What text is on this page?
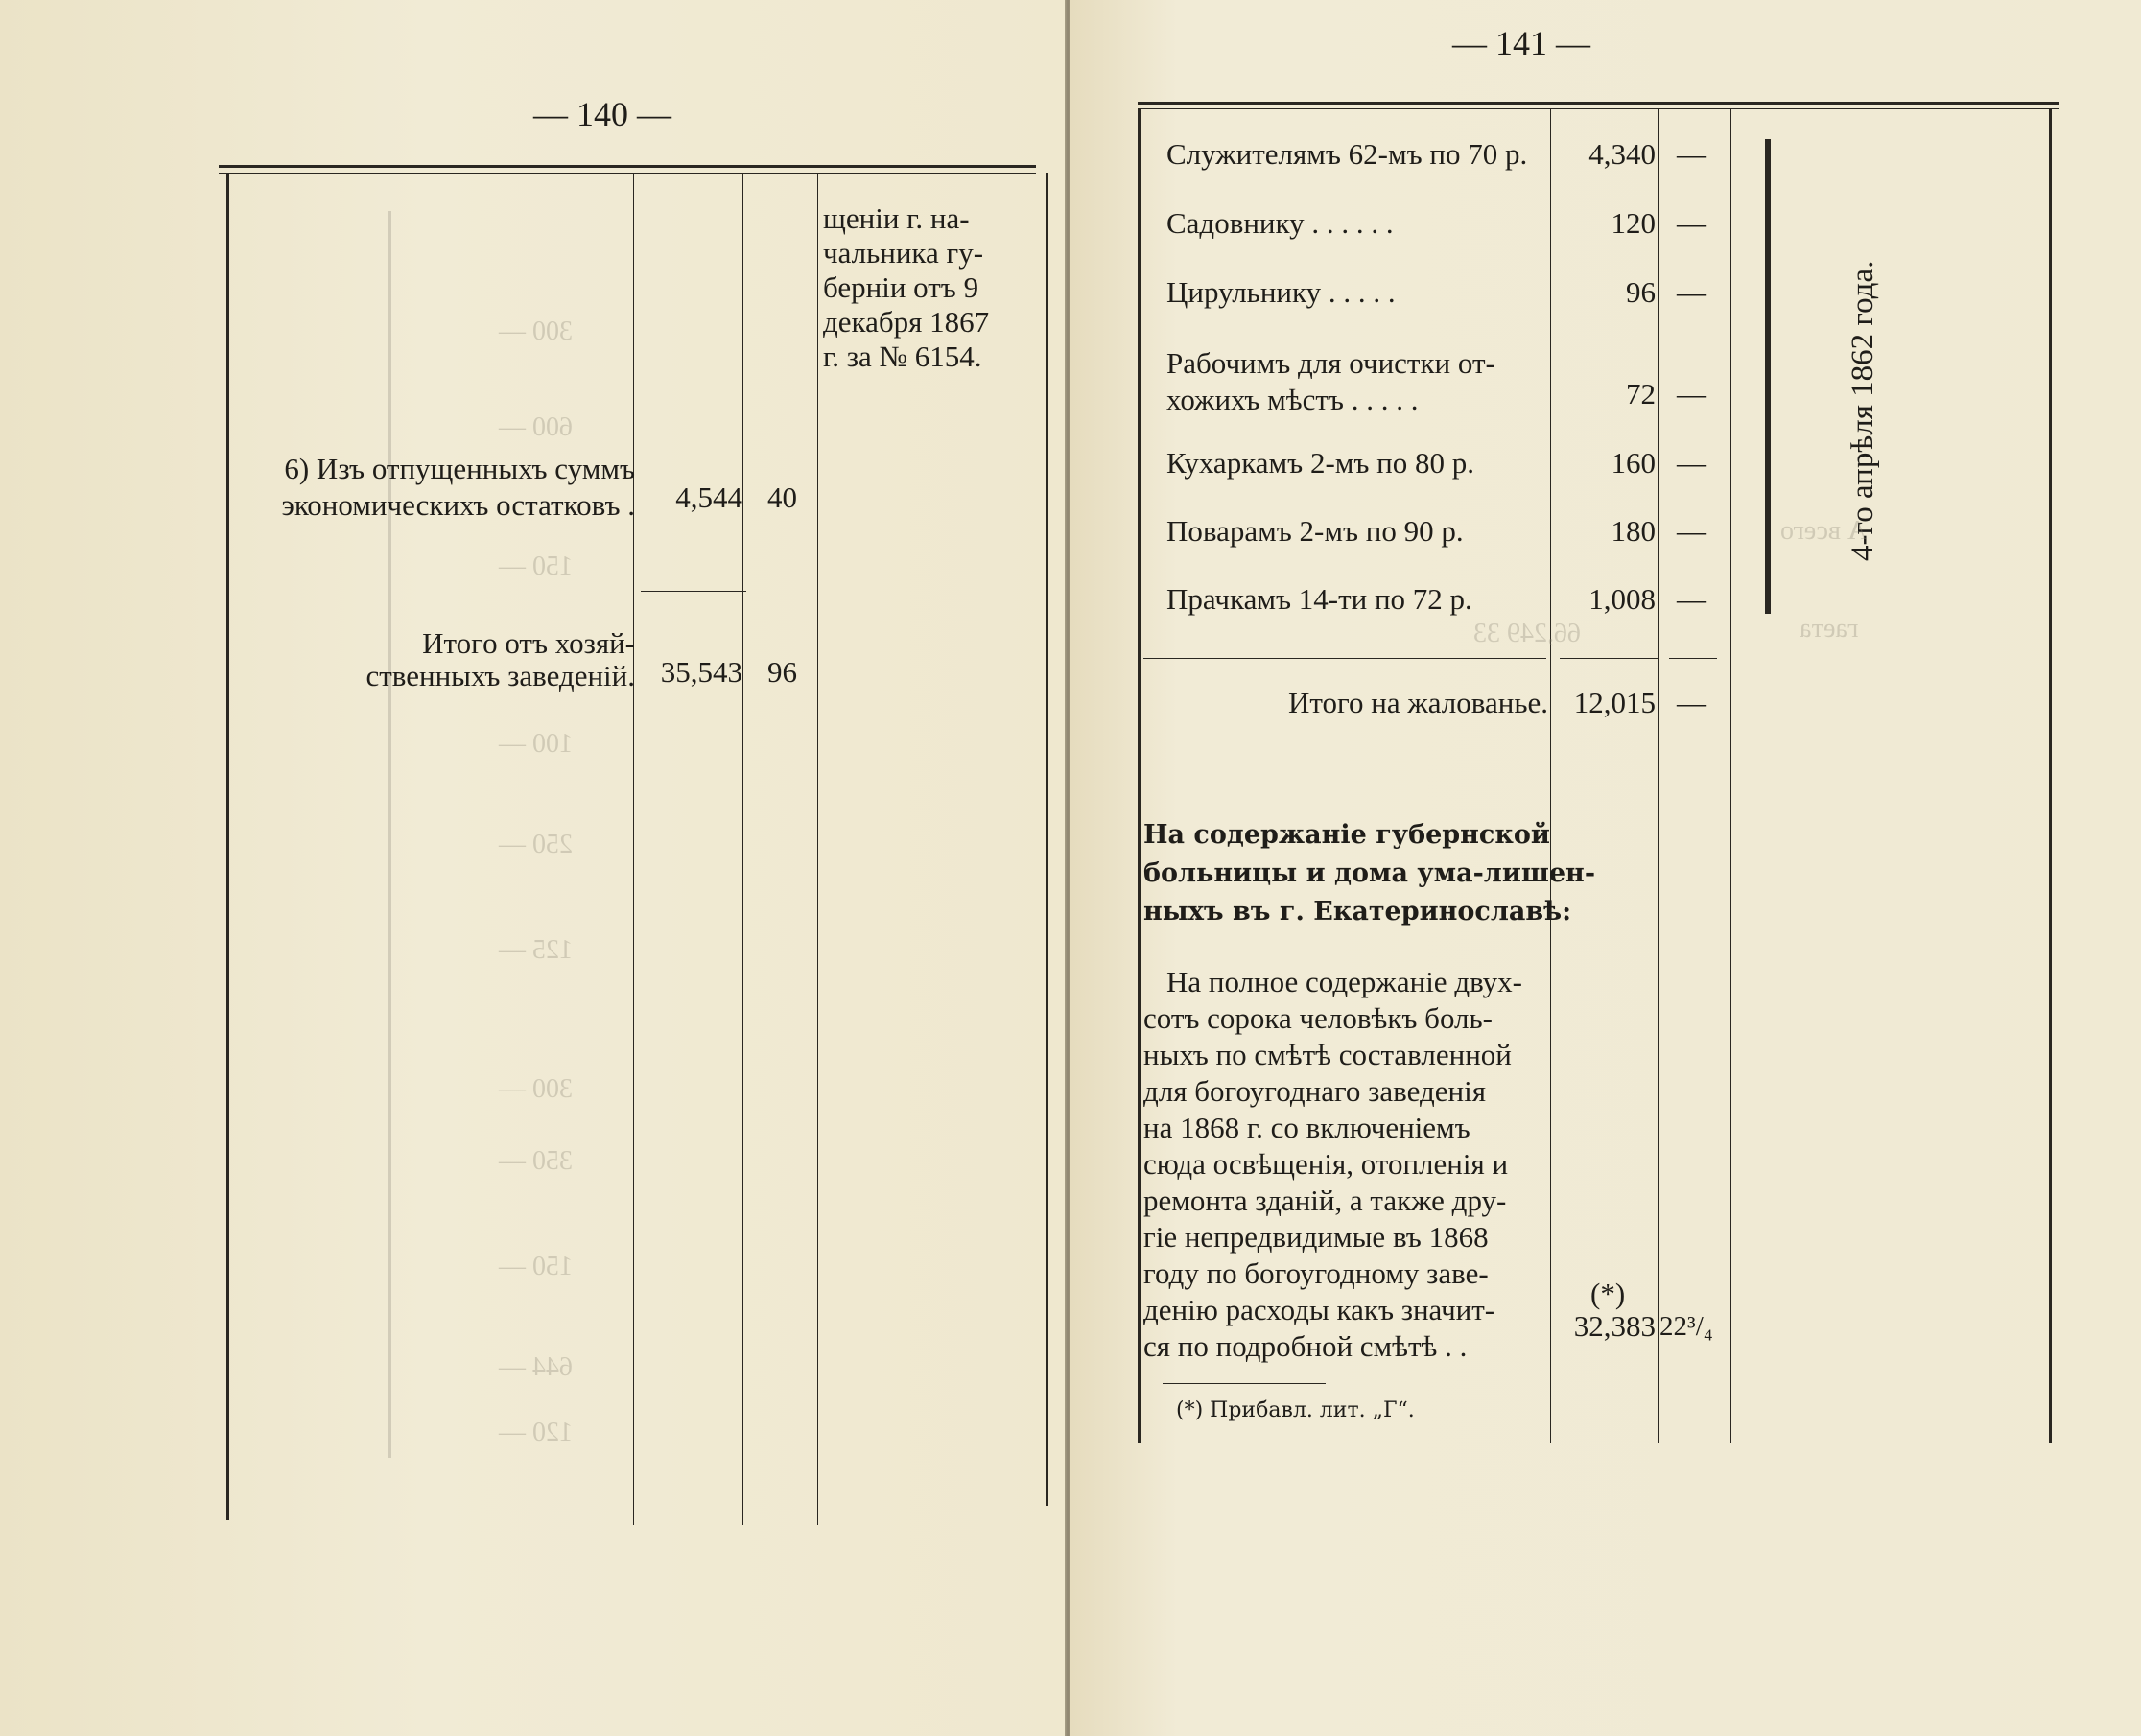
— 140 —
щеніи г. на-
чальника гу-
берніи отъ 9
декабря 1867
г. за № 6154.
6) Изъ отпущенныхъ суммъ
экономическихъ остатковъ .	4,544 40
Итого отъ хозяй-
ственныхъ заведеній. 35,543 96
300 —
600 —
150 —
100 —
250 —
125 —
300 —
350 —
150 —
644 —
120 —
— 141 —
4-го апрѣля 1862 года.
Служителямъ 62-мъ по 70 р.	4,340 —
Садовнику . . . . . .	120 —
Цирульнику . . . . .	96 —
Рабочимъ для очистки от-
хожихъ мѣстъ . . . . .	72 —
Кухаркамъ 2-мъ по 80 р.	160 —
Поварамъ 2-мъ по 90 р.	180 —
Прачкамъ 14-ти по 72 р.	1,008 —
Итого на жалованье. 12,015 —
На содержаніе губернской
больницы и дома ума-лишен-
ныхъ въ г. Екатеринославѣ:
На полное содержаніе двух-
сотъ сорока человѣкъ боль-
ныхъ по смѣтѣ составленной
для богоугоднаго заведенія
на 1868 г. со включеніемъ
сюда освѣщенія, отопленія и
ремонта зданій, а также дру-
гіе непредвидимые въ 1868
году по богоугодному заве-
денію расходы какъ значит-
ся по подробной смѣтѣ . .
(*)
32,383 22³/₄
(*) Прибавл. лит. „Г“.
А всего
66,249 33	гаета
